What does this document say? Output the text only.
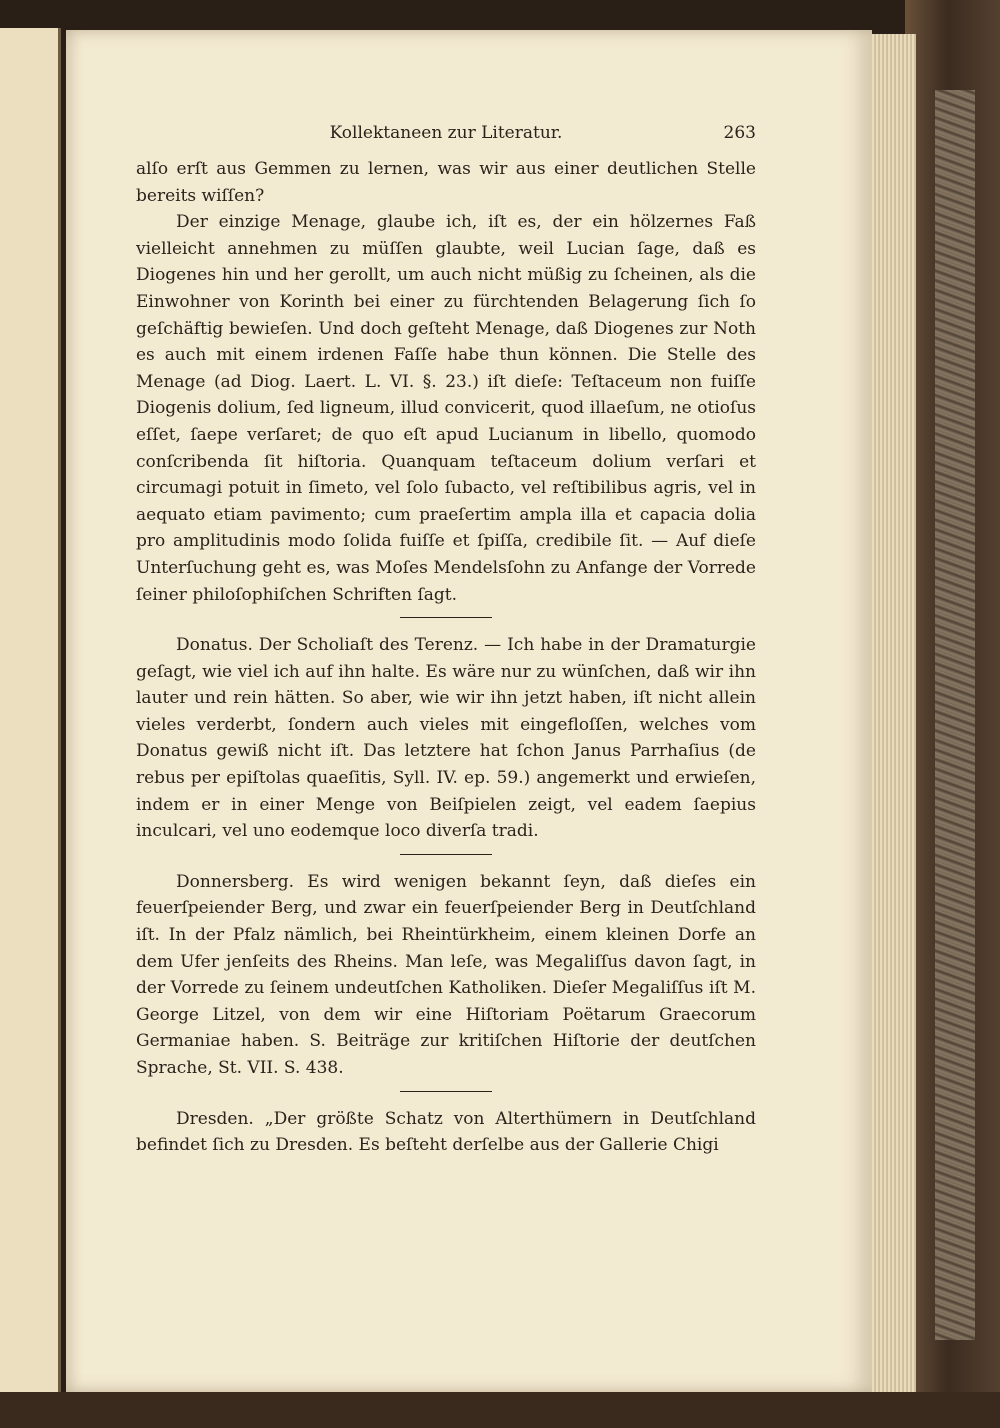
Kollektaneen zur Literatur.	263

alſo erſt aus Gemmen zu lernen, was wir aus einer deutlichen Stelle bereits wiſſen?

Der einzige Menage, glaube ich, iſt es, der ein hölzernes Faß vielleicht annehmen zu müſſen glaubte, weil Lucian ſage, daß es Diogenes hin und her gerollt, um auch nicht müßig zu ſcheinen, als die Einwohner von Korinth bei einer zu fürchtenden Belagerung ſich ſo geſchäftig bewieſen. Und doch geſteht Menage, daß Diogenes zur Noth es auch mit einem irdenen Faſſe habe thun können. Die Stelle des Menage (ad Diog. Laert. L. VI. §. 23.) iſt dieſe: Teſtaceum non fuiſſe Diogenis dolium, ſed ligneum, illud convicerit, quod illaeſum, ne otioſus eſſet, ſaepe verſaret; de quo eſt apud Lucianum in libello, quomodo conſcribenda ſit hiſtoria. Quanquam teſtaceum dolium verſari et circumagi potuit in ſimeto, vel ſolo ſubacto, vel reſtibilibus agris, vel in aequato etiam pavimento; cum praeſertim ampla illa et capacia dolia pro amplitudinis modo ſolida fuiſſe et ſpiſſa, credibile ſit. — Auf dieſe Unterſuchung geht es, was Moſes Mendelsſohn zu Anfange der Vorrede ſeiner philoſophiſchen Schriften ſagt.

Donatus. Der Scholiaſt des Terenz. — Ich habe in der Dramaturgie geſagt, wie viel ich auf ihn halte. Es wäre nur zu wünſchen, daß wir ihn lauter und rein hätten. So aber, wie wir ihn jetzt haben, iſt nicht allein vieles verderbt, ſondern auch vieles mit eingefloſſen, welches vom Donatus gewiß nicht iſt. Das letztere hat ſchon Janus Parrhaſius (de rebus per epiſtolas quaeſitis, Syll. IV. ep. 59.) angemerkt und erwieſen, indem er in einer Menge von Beiſpielen zeigt, vel eadem ſaepius inculcari, vel uno eodemque loco diverſa tradi.

Donnersberg. Es wird wenigen bekannt ſeyn, daß dieſes ein feuerſpeiender Berg, und zwar ein feuerſpeiender Berg in Deutſchland iſt. In der Pfalz nämlich, bei Rheintürkheim, einem kleinen Dorfe an dem Ufer jenſeits des Rheins. Man leſe, was Megaliſſus davon ſagt, in der Vorrede zu ſeinem undeutſchen Katholiken. Dieſer Megaliſſus iſt M. George Litzel, von dem wir eine Hiſtoriam Poëtarum Graecorum Germaniae haben. S. Beiträge zur kritiſchen Hiſtorie der deutſchen Sprache, St. VII. S. 438.

Dresden. „Der größte Schatz von Alterthümern in Deutſchland befindet ſich zu Dresden. Es beſteht derſelbe aus der Gallerie Chigi
